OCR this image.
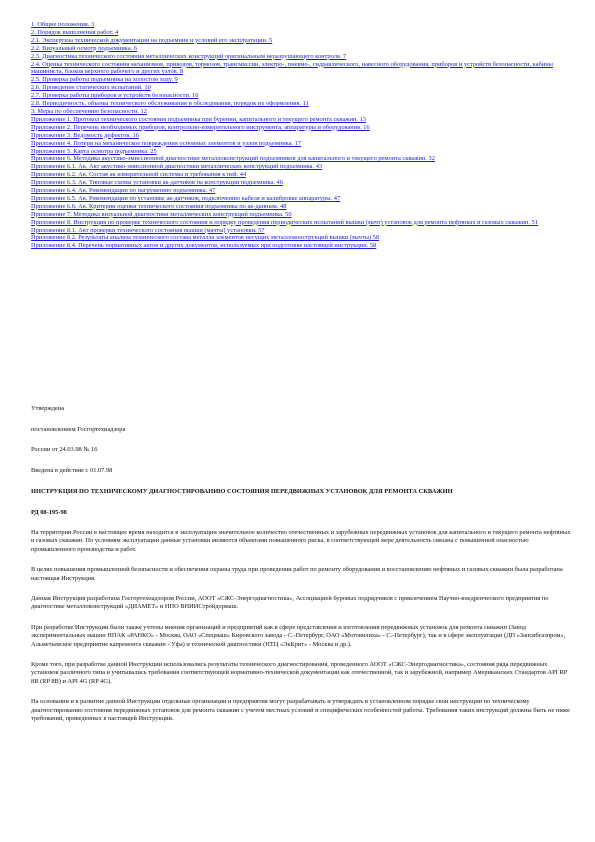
1. Общие положения. 3
2. Порядок выполнения работ. 4
2.1. Экспертиза технической документации на подъемник и условий его эксплуатации. 5
2.2. Визуальный осмотр подъемника. 6
2.3. Диагностика технического состояния металлических конструкций оригинальным неразрушающего контроля. 7
2.4. Оценка технического состояния механизмов, приводов, тормозов, трансмиссии, электро-, пневмо-, гидравлического, навесного оборудования, приборов и устройств безопасности, кабины машиниста, блоков верхнего рабочего и других узлов. 8
2.5. Проверка работы подъемника на холостом ходу. 9
2.6. Проведение статических испытаний. 10
2.7. Проверка работы приборов и устройств безопасности. 10
2.8. Периодичность, объемы технического обслуживания и обследования, порядок их оформления. 11
3. Меры по обеспечению безопасности. 12
Приложение 1. Протокол технического состояния подъемника при бурении, капитального и текущего ремонта скважин. 13
Приложение 2. Перечень необходимых приборов, контрольно-измерительного инструмента, аппаратуры и оборудования. 16
Приложение 3. Ведомость дефектов. 16
Приложение 4. Потери на механическое повреждения основных элементов и узлов подъемника. 17
Приложение 5. Карта осмотра подъемника. 25
Приложение 6. Методика акустико-эмиссионной диагностики металлоконструкций подъемников для капитального и текущего ремонта скважин. 32
Приложение 6.1. Ак. Акт акустико-эмиссионной диагностики металлических конструкций подъемника. 43
Приложение 6.2. Ак. Состав ак измерительной системы и требования к ней. 44
Приложение 6.3. Ак. Типовые схемы установки ак-датчиков на конструкции подъемника. 46
Приложение 6.4. Ак. Рекомендации по нагружению подъемника. 47
Приложение 6.5. Ак. Рекомендации по установке ак-датчиков, подключению кабеля и калибровке аппаратуры. 47
Приложение 6.6. Ак. Критерии оценки технического состояния подъемника по ак-данным. 48
Приложение 7. Методика визуальной диагностики металлических конструкций подъемника. 50
Приложение 8. Инструкция по проверке технического состояния и порядку проведения периодических испытаний вышки (мачт) установок для ремонта нефтяных и газовых скважин. 51
Приложение 8.1. Акт проверки технического состояния вышки (мачты) установки. 57
Приложение 8.2. Результаты анализа технического состава металла элементов несущих металлоконструкций вышки (мачты) 58
Приложение 8.4. Перечень нормативных актов и других документов, используемых при подготовке настоящей инструкции. 58

Утверждена

постановлением Госгортехнадзора

России от 24.03.98 № 16

Введена в действие с 01.07.98

ИНСТРУКЦИЯ ПО ТЕХНИЧЕСКОМУ ДИАГНОСТИРОВАНИЮ СОСТОЯНИЯ ПЕРЕДВИЖНЫХ УСТАНОВОК ДЛЯ РЕМОНТА СКВАЖИН

РД 08-195-98

На территории России в настоящее время находится в эксплуатации значительное количество отечественных и зарубежных передвижных установок для капитального и текущего ремонта нефтяных и газовых скважин. По условиям эксплуатации данные установки являются объектами повышенного риска, в соответствующей мере деятельность связана с повышенной опасностью промышленного производства и работ.

В целях повышения промышленной безопасности и обеспечения охраны труда при проведении работ по ремонту оборудования и восстановлению нефтяных и газовых скважин была разработана настоящая Инструкция.

Данная Инструкция разработана Госгортехнадзором России, АООТ «СЖС-Энергодиагностика», Ассоциацией буровых подрядчиков с привлечением Научно-внедренческого предприятия по диагностике металлоконструкций «ДИАМЕТ» и НПО ВНИИСтройдормаш.

При разработке Инструкции были также учтены мнения организаций и предприятий как в сфере представления и изготовления передвижных установок для ремонта скважин (Завод экспериментальных машин НПАК «РАНКО» - Москва, ОАО «Спецмаш» Кировского завода - С.-Петербург, ОАО «Мотовилиха» - С.-Петербург), так и в сфере эксплуатации (ДП «Запсибгазпром», Альметьевское предприятие капремонта скважин - Уфа) и технической диагностики (НТЦ «ЭкКрит» - Москва и др.).

Кроме того, при разработке данной Инструкции использовались результаты технического диагностирования, проведенного АООТ «СЖС-Энергодиагностика», состояния ряда передвижных установок различного типа и учитывались требования соответствующей нормативно-технической документации как отечественной, так и зарубежной, например Американских Стандартов API RP 8B (RP 8B) и API 4G (RP 4G).

На основании и в развитие данной Инструкции отдельные организации и предприятия могут разрабатывать и утверждать в установленном порядке свои инструкции по техническому диагностированию состояния передвижных установок для ремонта скважин с учетом местных условий и специфических особенностей работы. Требования таких инструкций должны быть не ниже требований, приведенных в настоящей Инструкции.
